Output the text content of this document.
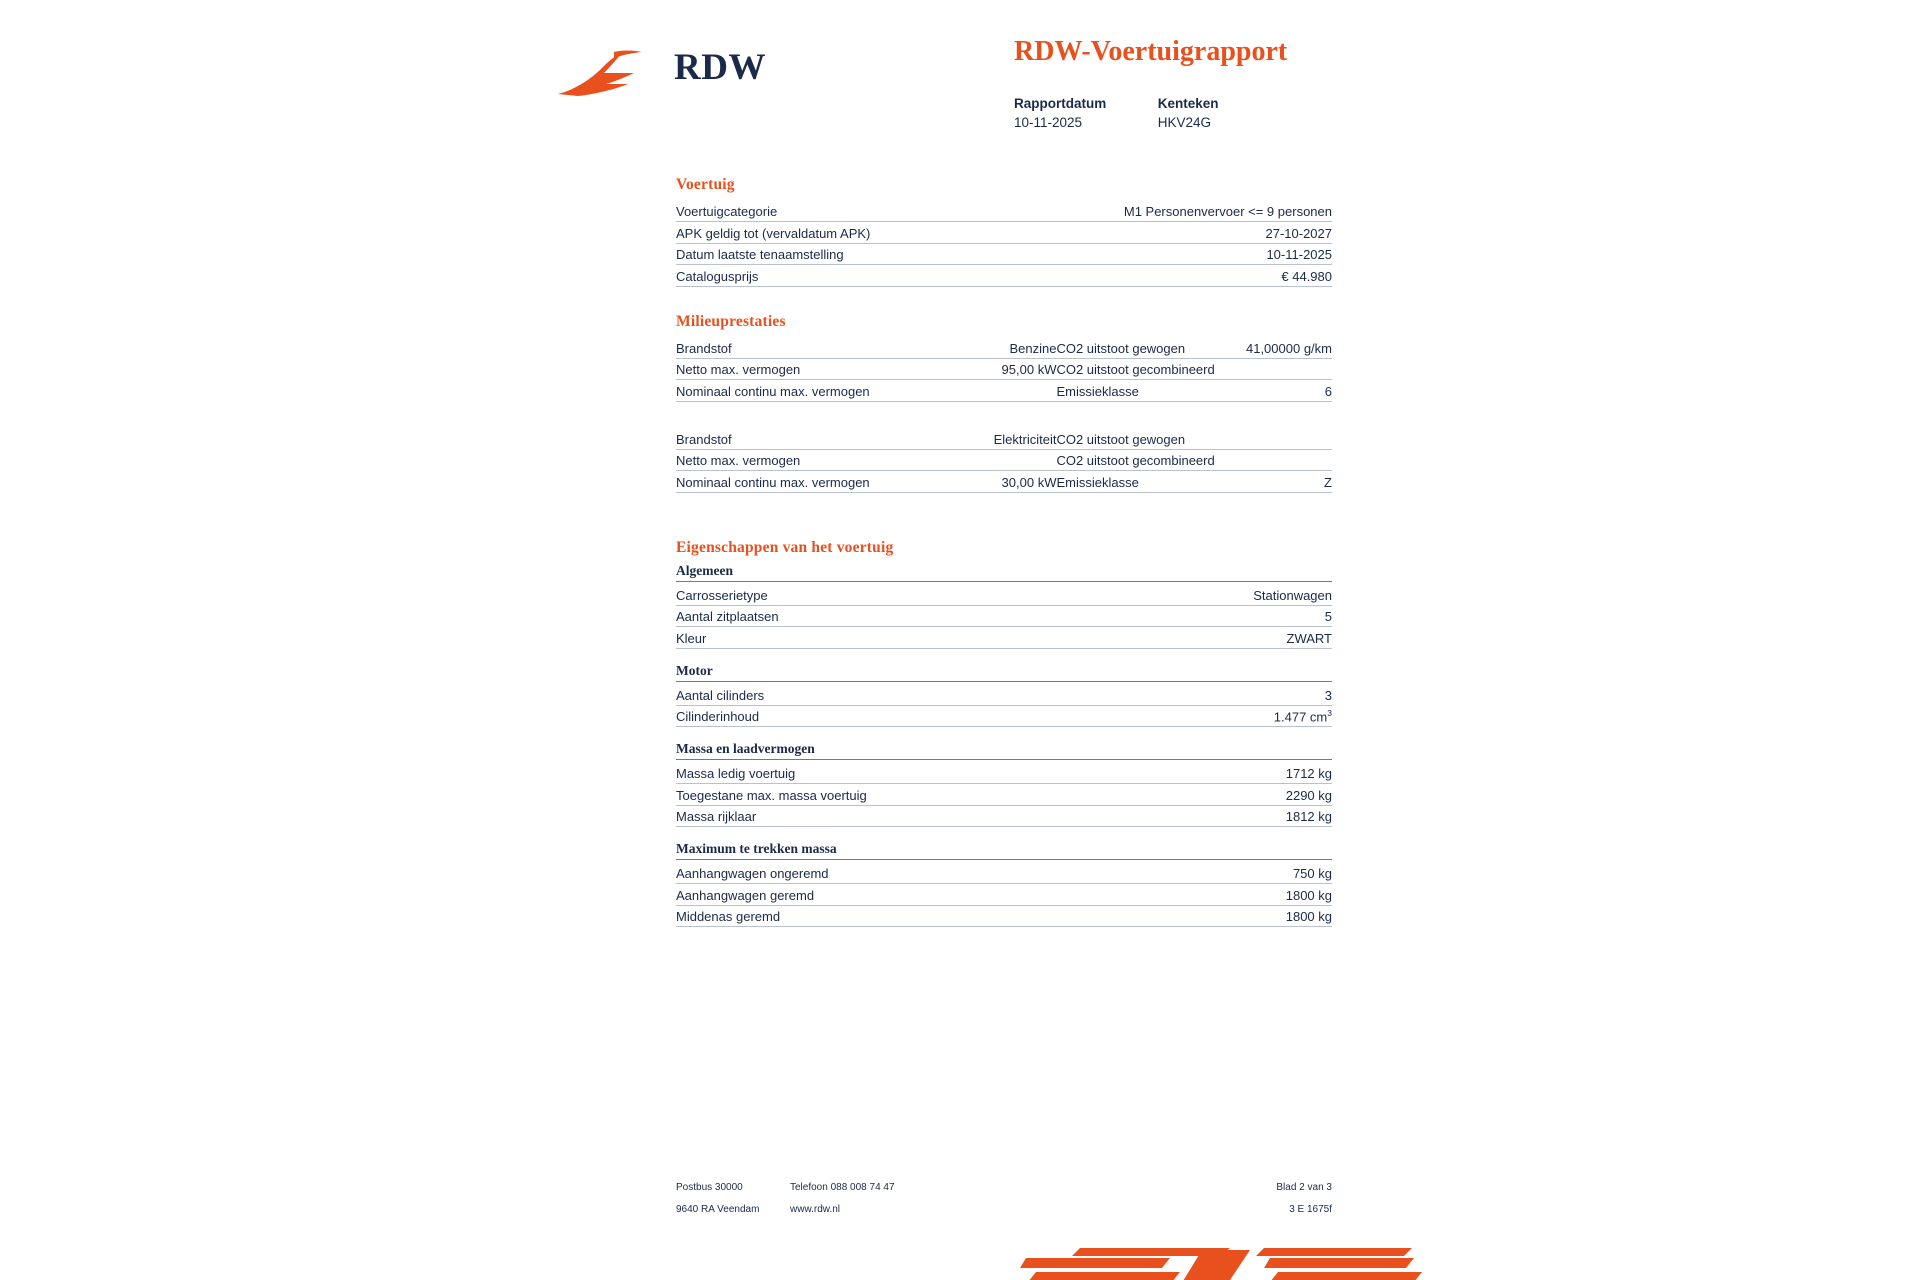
RDW	RDW-Voertuigrapport
Rapportdatum
10-11-2025

Kenteken
HKV24G
Voertuig
Voertuigcategorie	M1 Personenvervoer <= 9 personen
APK geldig tot (vervaldatum APK)	27-10-2027
Datum laatste tenaamstelling	10-11-2025
Catalogusprijs	€ 44.980
Milieuprestaties
Brandstof	Benzine	CO2 uitstoot gewogen	41,00000 g/km
Netto max. vermogen	95,00 kW	CO2 uitstoot gecombineerd	
Nominaal continu max. vermogen		Emissieklasse	6
Brandstof	Elektriciteit	CO2 uitstoot gewogen	
Netto max. vermogen		CO2 uitstoot gecombineerd	
Nominaal continu max. vermogen	30,00 kW	Emissieklasse	Z
Eigenschappen van het voertuig
Algemeen
Carrosserietype	Stationwagen
Aantal zitplaatsen	5
Kleur	ZWART
Motor
Aantal cilinders	3
Cilinderinhoud	1.477 $cm^3$
Massa en laadvermogen
Massa ledig voertuig	1712 kg
Toegestane max. massa voertuig	2290 kg
Massa rijklaar	1812 kg
Maximum te trekken massa
Aanhangwagen ongeremd	750 kg
Aanhangwagen geremd	1800 kg
Middenas geremd	1800 kg
Postbus 30000	Telefoon 088 008 74 47	Blad 2 van 3
9640 RA Veendam	www.rdw.nl	3 E 1675f
